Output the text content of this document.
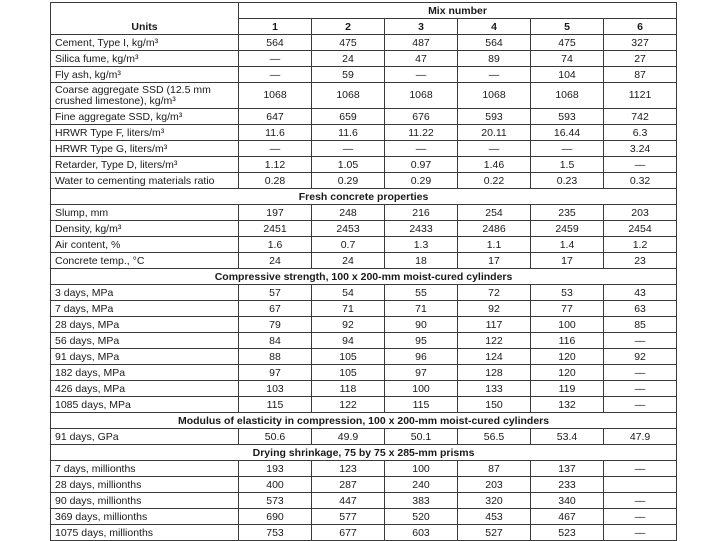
Units	Mix number					
	1	2	3	4	5	6
Cement, Type I, kg/m³	564	475	487	564	475	327
Silica fume, kg/m³	—	24	47	89	74	27
Fly ash, kg/m³	—	59	—	—	104	87
Coarse aggregate SSD (12.5 mm crushed limestone), kg/m³	1068	1068	1068	1068	1068	1121
Fine aggregate SSD, kg/m³	647	659	676	593	593	742
HRWR Type F, liters/m³	11.6	11.6	11.22	20.11	16.44	6.3
HRWR Type G, liters/m³	—	—	—	—	—	3.24
Retarder, Type D, liters/m³	1.12	1.05	0.97	1.46	1.5	—
Water to cementing materials ratio	0.28	0.29	0.29	0.22	0.23	0.32
Fresh concrete properties						
Slump, mm	197	248	216	254	235	203
Density, kg/m³	2451	2453	2433	2486	2459	2454
Air content, %	1.6	0.7	1.3	1.1	1.4	1.2
Concrete temp., °C	24	24	18	17	17	23
Compressive strength, 100 x 200-mm moist-cured cylinders						
3 days, MPa	57	54	55	72	53	43
7 days, MPa	67	71	71	92	77	63
28 days, MPa	79	92	90	117	100	85
56 days, MPa	84	94	95	122	116	—
91 days, MPa	88	105	96	124	120	92
182 days, MPa	97	105	97	128	120	—
426 days, MPa	103	118	100	133	119	—
1085 days, MPa	115	122	115	150	132	—
Modulus of elasticity in compression, 100 x 200-mm moist-cured cylinders						
91 days, GPa	50.6	49.9	50.1	56.5	53.4	47.9
Drying shrinkage, 75 by 75 x 285-mm prisms						
7 days, millionths	193	123	100	87	137	—
28 days, millionths	400	287	240	203	233	
90 days, millionths	573	447	383	320	340	—
369 days, millionths	690	577	520	453	467	—
1075 days, millionths	753	677	603	527	523	—
